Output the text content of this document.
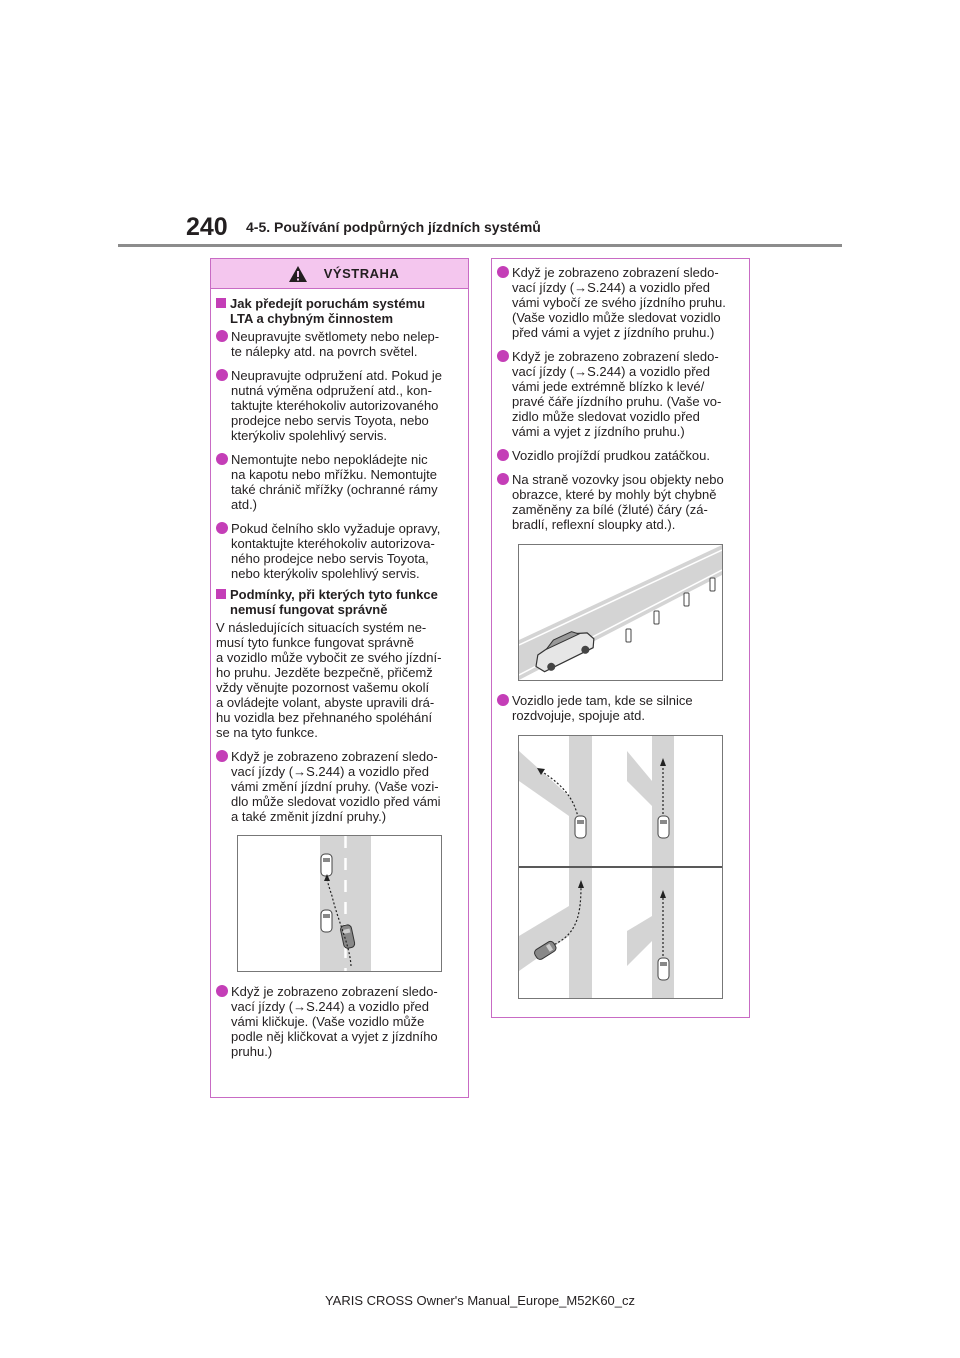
240 4-5. Používání podpůrných jízdních systémů
VÝSTRAHA
Jak předejít poruchám systému
LTA a chybným činnostem
Neupravujte světlomety nebo nelep-
te nálepky atd. na povrch světel.
Neupravujte odpružení atd. Pokud je
nutná výměna odpružení atd., kon-
taktujte kteréhokoliv autorizovaného
prodejce nebo servis Toyota, nebo
kterýkoliv spolehlivý servis.
Nemontujte nebo nepokládejte nic
na kapotu nebo mřížku. Nemontujte
také chránič mřížky (ochranné rámy
atd.)
Pokud čelního sklo vyžaduje opravy,
kontaktujte kteréhokoliv autorizova-
ného prodejce nebo servis Toyota,
nebo kterýkoliv spolehlivý servis.
Podmínky, při kterých tyto funkce
nemusí fungovat správně
V následujících situacích systém ne-
musí tyto funkce fungovat správně
a vozidlo může vybočit ze svého jízdní-
ho pruhu. Jezděte bezpečně, přičemž
vždy věnujte pozornost vašemu okolí
a ovládejte volant, abyste upravili drá-
hu vozidla bez přehnaného spoléhání
se na tyto funkce.
Když je zobrazeno zobrazení sledo-
vací jízdy (→S.244) a vozidlo před
vámi změní jízdní pruhy. (Vaše vozi-
dlo může sledovat vozidlo před vámi
a také změnit jízdní pruhy.)
Když je zobrazeno zobrazení sledo-
vací jízdy (→S.244) a vozidlo před
vámi kličkuje. (Vaše vozidlo může
podle něj kličkovat a vyjet z jízdního
pruhu.)
Když je zobrazeno zobrazení sledo-
vací jízdy (→S.244) a vozidlo před
vámi vybočí ze svého jízdního pruhu.
(Vaše vozidlo může sledovat vozidlo
před vámi a vyjet z jízdního pruhu.)
Když je zobrazeno zobrazení sledo-
vací jízdy (→S.244) a vozidlo před
vámi jede extrémně blízko k levé/
pravé čáře jízdního pruhu. (Vaše vo-
zidlo může sledovat vozidlo před
vámi a vyjet z jízdního pruhu.)
Vozidlo projíždí prudkou zatáčkou.
Na straně vozovky jsou objekty nebo
obrazce, které by mohly být chybně
zaměněny za bílé (žluté) čáry (zá-
bradlí, reflexní sloupky atd.).
Vozidlo jede tam, kde se silnice
rozdvojuje, spojuje atd.
YARIS CROSS Owner's Manual_Europe_M52K60_cz
